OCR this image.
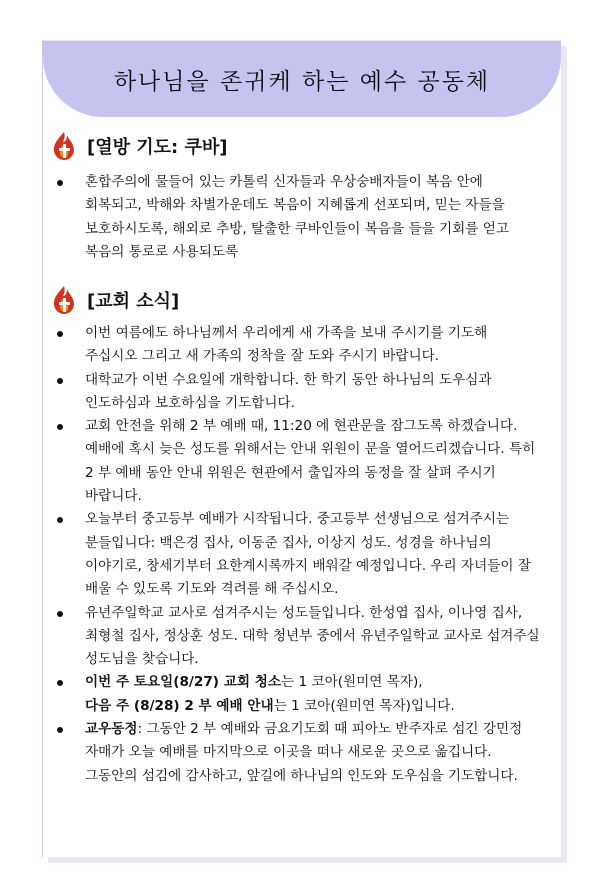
하나님을 존귀케 하는 예수 공동체
[열방 기도: 쿠바]
혼합주의에 물들어 있는 카톨릭 신자들과 우상숭배자들이 복음 안에 회복되고, 박해와 차별가운데도 복음이 지혜롭게 선포되며, 믿는 자들을 보호하시도록, 해외로 추방, 탈출한 쿠바인들이 복음을 들을 기회를 얻고 복음의 통로로 사용되도록
[교회 소식]
이번 여름에도 하나님께서 우리에게 새 가족을 보내 주시기를 기도해 주십시오 그리고 새 가족의 정착을 잘 도와 주시기 바랍니다.
대학교가 이번 수요일에 개학합니다. 한 학기 동안 하나님의 도우심과 인도하심과 보호하심을 기도합니다.
교회 안전을 위해 2 부 예배 때, 11:20 에 현관문을 잠그도록 하겠습니다. 예배에 혹시 늦은 성도를 위해서는 안내 위원이 문을 열어드리겠습니다. 특히 2 부 예배 동안 안내 위원은 현관에서 출입자의 동정을 잘 살펴 주시기 바랍니다.
오늘부터 중고등부 예배가 시작됩니다. 중고등부 선생님으로 섬겨주시는 분들입니다: 백은경 집사, 이동준 집사, 이상지 성도. 성경을 하나님의 이야기로, 창세기부터 요한계시록까지 배워갈 예정입니다. 우리 자녀들이 잘 배울 수 있도록 기도와 격려를 해 주십시오.
유년주일학교 교사로 섬겨주시는 성도들입니다. 한성엽 집사, 이나영 집사, 최형철 집사, 정상훈 성도. 대학 청년부 중에서 유년주일학교 교사로 섬겨주실 성도님을 찾습니다.
이번 주 토요일(8/27) 교회 청소는 1 코아(원미연 목자),
다음 주 (8/28) 2 부 예배 안내는 1 코아(원미연 목자)입니다.
교우동정: 그동안 2 부 예배와 금요기도회 때 피아노 반주자로 섬긴 강민정 자매가 오늘 예배를 마지막으로 이곳을 떠나 새로운 곳으로 옮깁니다. 그동안의 섬김에 감사하고, 앞길에 하나님의 인도와 도우심을 기도합니다.
